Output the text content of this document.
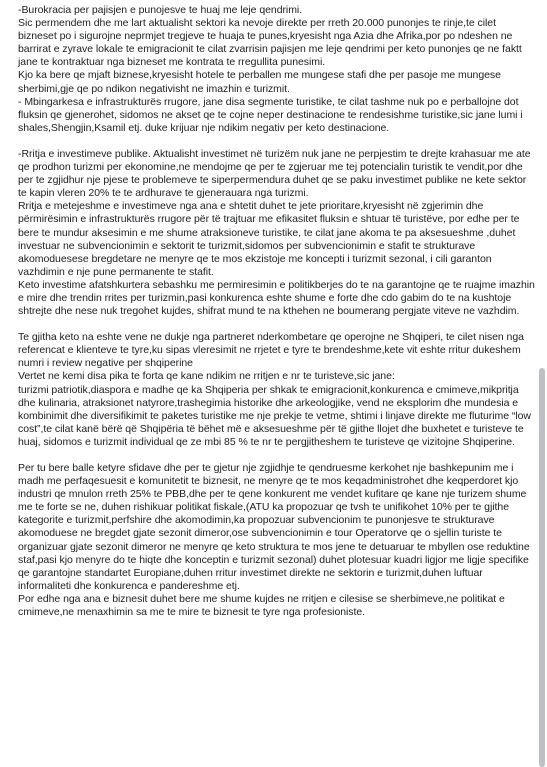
-Burokracia per pajisjen e punojesve te huaj me leje qendrimi.

Sic permendem dhe me lart aktualisht sektori ka nevoje direkte per rreth 20.000 punonjes te rinje,te cilet bizneset po i sigurojne neprmjet tregjeve te huaja te punes,kryesisht nga Azia dhe Afrika,por po ndeshen ne barrirat e zyrave lokale te emigracionit te cilat zvarrisin pajisjen me leje qendrimi per keto punonjes qe ne faktt jane te kontraktuar nga bizneset me kontrata te rregullita punesimi.

Kjo ka bere qe mjaft biznese,kryesisht hotele te perballen me mungese stafi dhe per pasoje me mungese sherbimi,gje qe po ndikon negativisht ne imazhin e turizmit.

- Mbingarkesa e infrastrukturës rrugore, jane disa segmente turistike, te cilat tashme nuk po e perballojne dot fluksin qe gjenerohet, sidomos ne akset qe te cojne neper destinacione te rendesishme turistike,sic jane lumi i shales,Shengjin,Ksamil etj. duke krijuar nje ndikim negativ per keto destinacione.

-Rritja e investimeve publike. Aktualisht investimet në turizëm nuk jane ne perpjestim te drejte krahasuar me ate qe prodhon turizmi per ekonomine,ne mendojme qe per te zgjeruar me tej potencialin turistik te vendit,por dhe per te zgjidhur nje pjese te problemeve te siperpermendura duhet qe se paku investimet publike ne kete sektor te kapin vleren 20% te te ardhurave te gjenerauara nga turizmi.

Rritja e metejeshme e investimeve nga ana e shtetit duhet te jete prioritare,kryesisht në zgjerimin dhe përmirësimin e infrastrukturës rrugore për të trajtuar me efikasitet fluksin e shtuar të turistëve, por edhe per te bere te mundur aksesimin e me shume atraksioneve turistike, te cilat jane akoma te pa aksesueshme ,duhet investuar ne subvencionimin e sektorit te turizmit,sidomos per subvencionimin e stafit te strukturave akomoduesese bregdetare ne menyre qe te mos ekzistoje me koncepti i turizmit sezonal, i cili garanton vazhdimin e nje pune permanente te stafit.

Keto investime afatshkurtera sebashku me permiresimin e politikberjes do te na garantojne qe te ruajme imazhin e mire dhe trendin rrites per turizmin,pasi konkurenca eshte shume e forte dhe cdo gabim do te na kushtoje shtrejte dhe nese nuk tregohet kujdes, shifrat mund te na kthehen ne boumerang pergjate viteve ne vazhdim.

Te gjitha keto na eshte vene ne dukje nga partneret nderkombetare qe operojne ne Shqiperi, te cilet nisen nga referencat e klienteve te tyre,ku sipas vleresimit ne rrjetet e tyre te brendeshme,kete vit eshte rritur dukeshem numri i review negative per shqiperine

Vertet ne kemi disa pika te forta qe kane ndikim ne rritjen e nr te turisteve,sic jane:

turizmi patriotik,diaspora e madhe qe ka Shqiperia per shkak te emigracionit,konkurenca e cmimeve,mikpritja dhe kulinaria, atraksionet natyrore,trashegimia historike dhe arkeologjike, vend ne eksplorim dhe mundesia e kombinimit dhe diversifikimit te paketes turistike me nje prekje te vetme, shtimi i linjave direkte me fluturime “low cost”,te cilat kanë bërë që Shqipëria të bëhet më e aksesueshme për të gjithe llojet dhe buxhetet e turisteve te huaj, sidomos e turizmit individual qe ze mbi 85 % te nr te pergjitheshem te turisteve qe vizitojne Shqiperine.

Per tu bere balle ketyre sfidave dhe per te gjetur nje zgjidhje te qendruesme kerkohet nje bashkepunim me i madh me perfaqesuesit e komunitetit te biznesit, ne menyre qe te mos keqadministrohet dhe keqperdoret kjo industri qe mnulon rreth 25% te PBB,dhe per te qene konkurent me vendet kufitare qe kane nje turizem shume me te forte se ne, duhen rishikuar politikat fiskale,(ATU ka propozuar qe tvsh te unifikohet 10% per te gjithe kategorite e turizmit,perfshire dhe akomodimin,ka propozuar subvencionim te punonjesve te strukturave akomoduese ne bregdet gjate sezonit dimeror,ose subvencionimin e tour Operatorve qe o sjellin turiste te organizuar gjate sezonit dimeror ne menyre qe keto struktura te mos jene te detuaruar te mbyllen ose reduktine staf,pasi kjo menyre do te hiqte dhe konceptin e turizmit sezonal) duhet plotesuar kuadri ligjor me ligje specifike qe garantojne standartet Europiane,duhen rritur investimet direkte ne sektorin e turizmit,duhen luftuar informaliteti dhe konkurenca e pandereshme etj.

Por edhe nga ana e biznesit duhet bere me shume kujdes ne rritjen e cilesise se sherbimeve,ne politikat e cmimeve,ne menaxhimin sa me te mire te biznesit te tyre nga profesioniste.
